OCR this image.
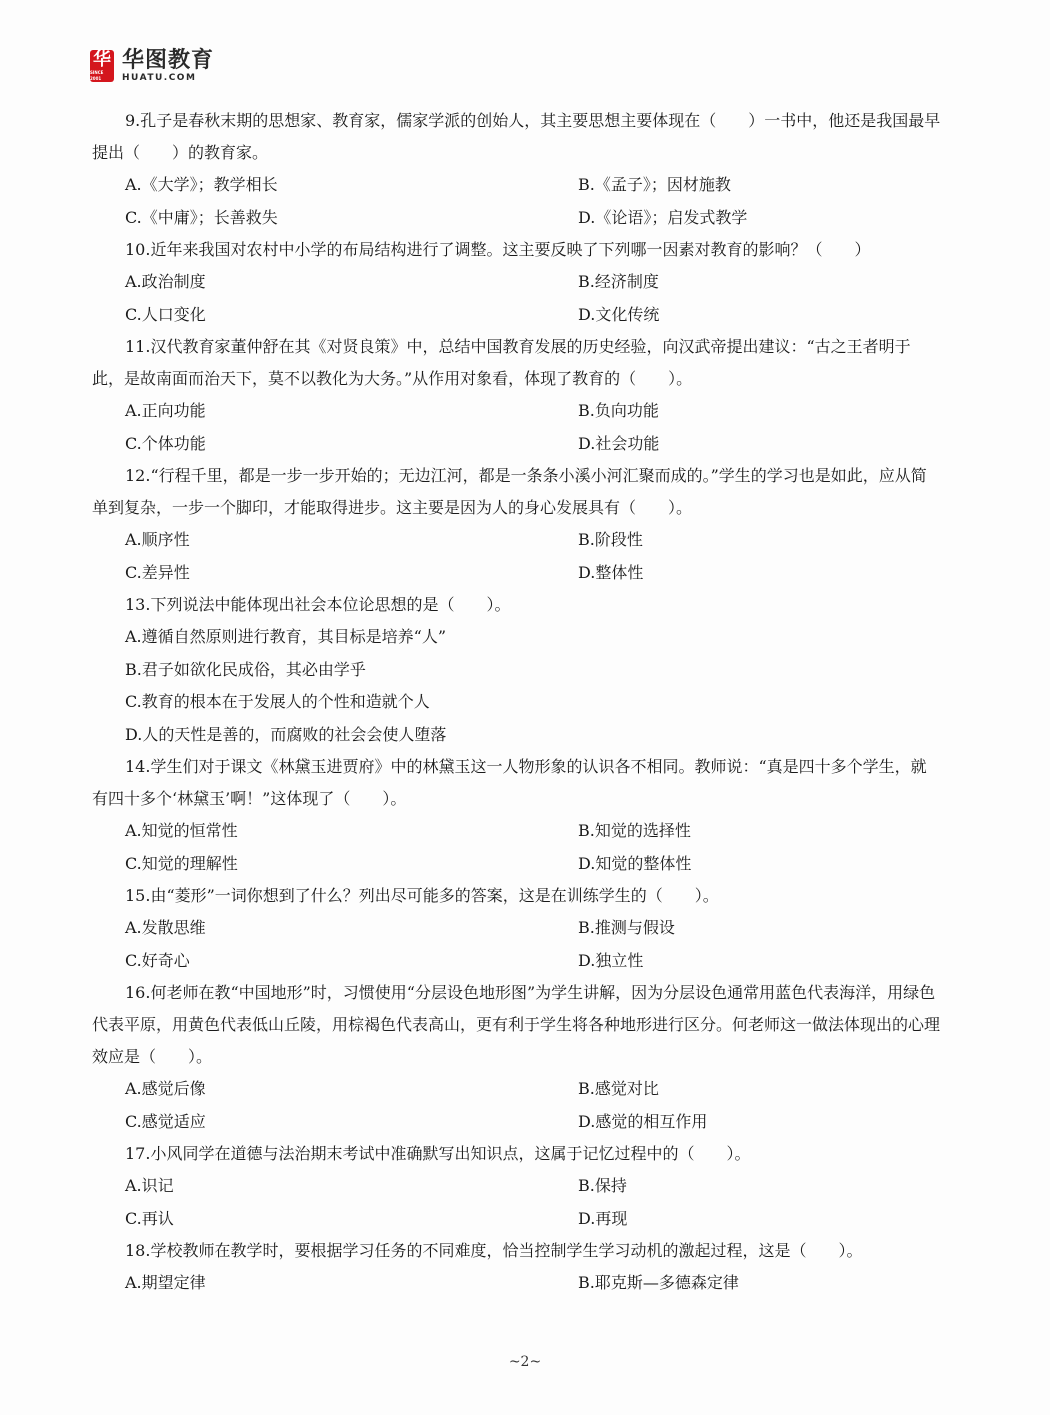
华
SINCE 2001
华图教育
HUATU.COM

9.孔子是春秋末期的思想家、教育家，儒家学派的创始人，其主要思想主要体现在（　　）一书中，他还是我国最早提出（　　）的教育家。

A.《大学》；教学相长	B.《孟子》；因材施教
C.《中庸》；长善救失	D.《论语》；启发式教学

10.近年来我国对农村中小学的布局结构进行了调整。这主要反映了下列哪一因素对教育的影响？（　　）

A.政治制度	B.经济制度
C.人口变化	D.文化传统

11.汉代教育家董仲舒在其《对贤良策》中，总结中国教育发展的历史经验，向汉武帝提出建议：“古之王者明于此，是故南面而治天下，莫不以教化为大务。”从作用对象看，体现了教育的（　　）。

A.正向功能	B.负向功能
C.个体功能	D.社会功能

12.“行程千里，都是一步一步开始的；无边江河，都是一条条小溪小河汇聚而成的。”学生的学习也是如此，应从简单到复杂，一步一个脚印，才能取得进步。这主要是因为人的身心发展具有（　　）。

A.顺序性	B.阶段性
C.差异性	D.整体性

13.下列说法中能体现出社会本位论思想的是（　　）。

A.遵循自然原则进行教育，其目标是培养“人”
B.君子如欲化民成俗，其必由学乎
C.教育的根本在于发展人的个性和造就个人
D.人的天性是善的，而腐败的社会会使人堕落

14.学生们对于课文《林黛玉进贾府》中的林黛玉这一人物形象的认识各不相同。教师说：“真是四十多个学生，就有四十多个‘林黛玉’啊！”这体现了（　　）。

A.知觉的恒常性	B.知觉的选择性
C.知觉的理解性	D.知觉的整体性

15.由“菱形”一词你想到了什么？列出尽可能多的答案，这是在训练学生的（　　）。

A.发散思维	B.推测与假设
C.好奇心	D.独立性

16.何老师在教“中国地形”时，习惯使用“分层设色地形图”为学生讲解，因为分层设色通常用蓝色代表海洋，用绿色代表平原，用黄色代表低山丘陵，用棕褐色代表高山，更有利于学生将各种地形进行区分。何老师这一做法体现出的心理效应是（　　）。

A.感觉后像	B.感觉对比
C.感觉适应	D.感觉的相互作用

17.小风同学在道德与法治期末考试中准确默写出知识点，这属于记忆过程中的（　　）。

A.识记	B.保持
C.再认	D.再现

18.学校教师在教学时，要根据学习任务的不同难度，恰当控制学生学习动机的激起过程，这是（　　）。

A.期望定律	B.耶克斯—多德森定律
~2~
